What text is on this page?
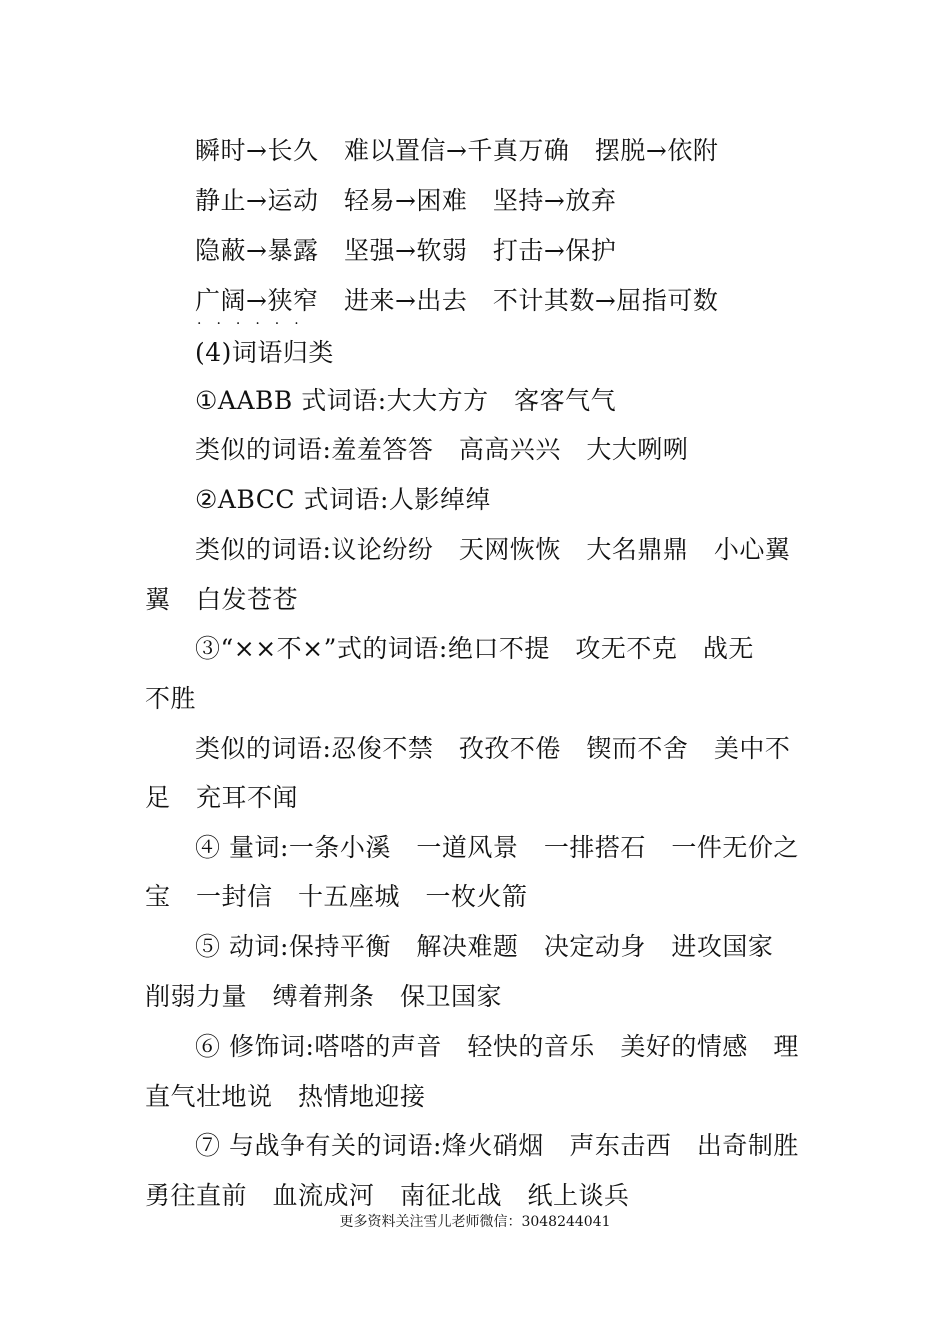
瞬时→长久　难以置信→千真万确　摆脱→依附
静止→运动　轻易→困难　坚持→放弃
隐蔽→暴露　坚强→软弱　打击→保护
广阔→狭窄　进来→出去　不计其数→屈指可数
······
(4)词语归类
①AABB 式词语:大大方方　客客气气
类似的词语:羞羞答答　高高兴兴　大大咧咧
②ABCC 式词语:人影绰绰
类似的词语:议论纷纷　天网恢恢　大名鼎鼎　小心翼
翼　白发苍苍
③“××不×”式的词语:绝口不提　攻无不克　战无
不胜
类似的词语:忍俊不禁　孜孜不倦　锲而不舍　美中不
足　充耳不闻
④ 量词:一条小溪　一道风景　一排搭石　一件无价之
宝　一封信　十五座城　一枚火箭
⑤ 动词:保持平衡　解决难题　决定动身　进攻国家
削弱力量　缚着荆条　保卫国家
⑥ 修饰词:嗒嗒的声音　轻快的音乐　美好的情感　理
直气壮地说　热情地迎接
⑦ 与战争有关的词语:烽火硝烟　声东击西　出奇制胜
勇往直前　血流成河　南征北战　纸上谈兵
更多资料关注雪儿老师微信：3048244041
